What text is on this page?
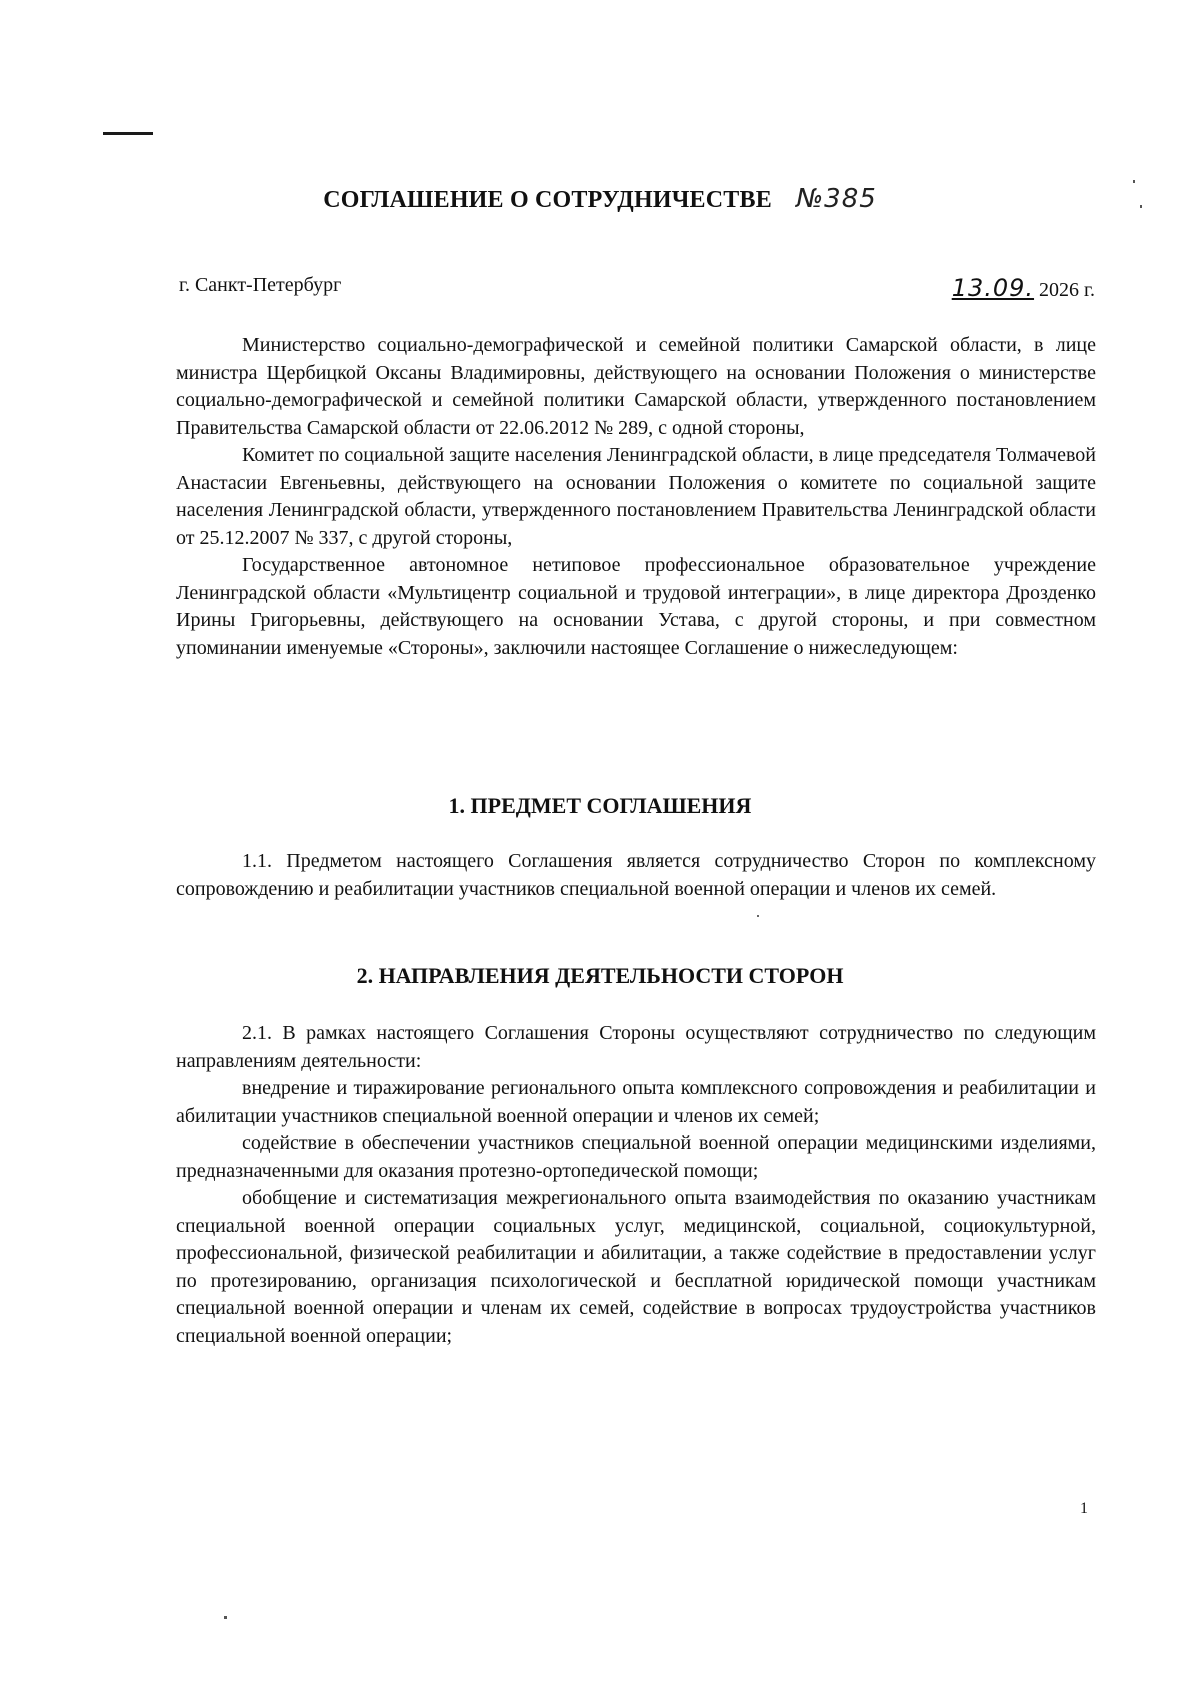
СОГЛАШЕНИЕ О СОТРУДНИЧЕСТВЕ №385
г. Санкт-Петербург	13.09. 2026 г.

Министерство социально-демографической и семейной политики Самарской области, в лице министра Щербицкой Оксаны Владимировны, действующего на основании Положения о министерстве социально-демографической и семейной политики Самарской области, утвержденного постановлением Правительства Самарской области от 22.06.2012 № 289, с одной стороны,

Комитет по социальной защите населения Ленинградской области, в лице председателя Толмачевой Анастасии Евгеньевны, действующего на основании Положения о комитете по социальной защите населения Ленинградской области, утвержденного постановлением Правительства Ленинградской области от 25.12.2007 № 337, с другой стороны,

Государственное автономное нетиповое профессиональное образовательное учреждение Ленинградской области «Мультицентр социальной и трудовой интеграции», в лице директора Дрозденко Ирины Григорьевны, действующего на основании Устава, с другой стороны, и при совместном упоминании именуемые «Стороны», заключили настоящее Соглашение о нижеследующем:

1. ПРЕДМЕТ СОГЛАШЕНИЯ

1.1. Предметом настоящего Соглашения является сотрудничество Сторон по комплексному сопровождению и реабилитации участников специальной военной операции и членов их семей.

2. НАПРАВЛЕНИЯ ДЕЯТЕЛЬНОСТИ СТОРОН

2.1. В рамках настоящего Соглашения Стороны осуществляют сотрудничество по следующим направлениям деятельности:

внедрение и тиражирование регионального опыта комплексного сопровождения и реабилитации и абилитации участников специальной военной операции и членов их семей;

содействие в обеспечении участников специальной военной операции медицинскими изделиями, предназначенными для оказания протезно-ортопедической помощи;

обобщение и систематизация межрегионального опыта взаимодействия по оказанию участникам специальной военной операции социальных услуг, медицинской, социальной, социокультурной, профессиональной, физической реабилитации и абилитации, а также содействие в предоставлении услуг по протезированию, организация психологической и бесплатной юридической помощи участникам специальной военной операции и членам их семей, содействие в вопросах трудоустройства участников специальной военной операции;

1
